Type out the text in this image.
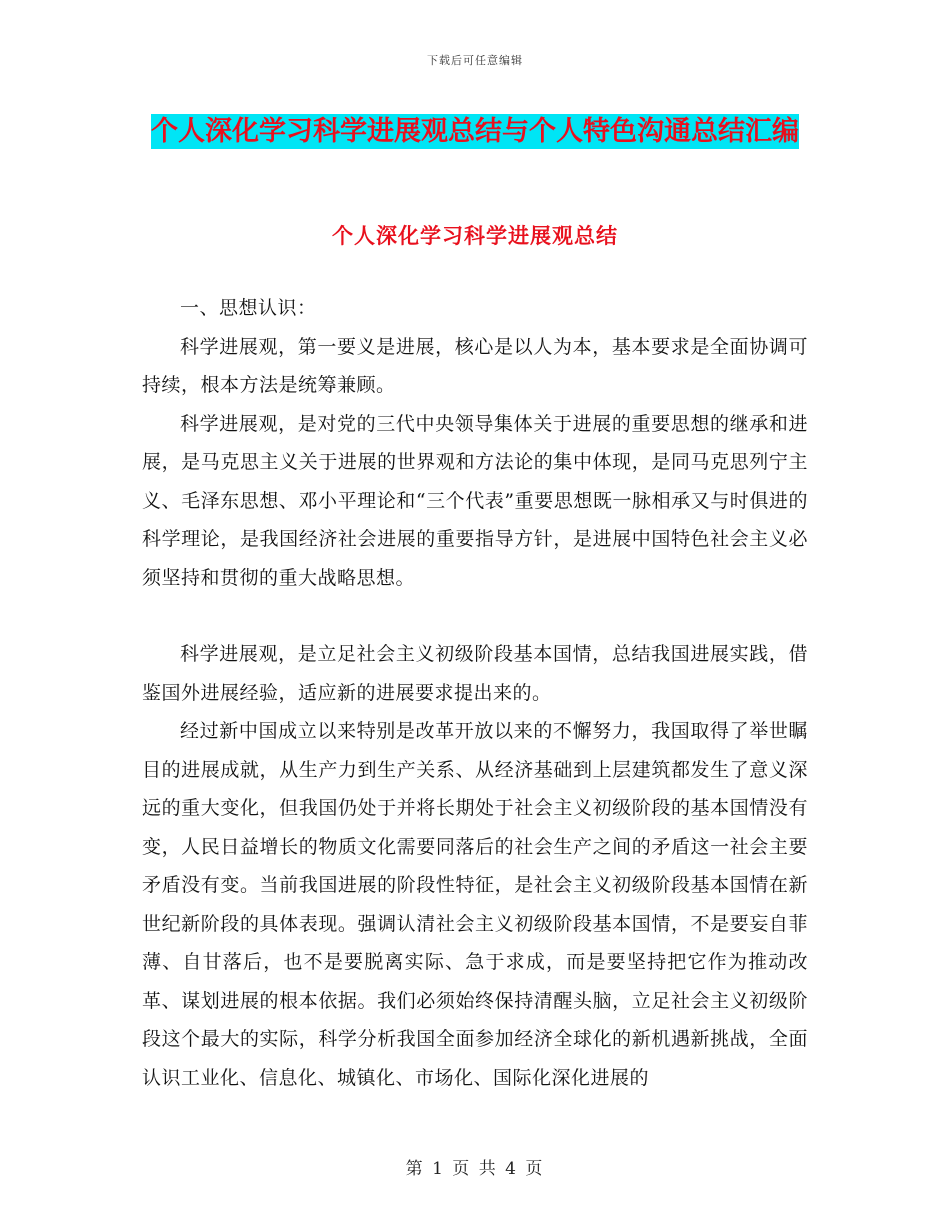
下载后可任意编辑
个人深化学习科学进展观总结与个人特色沟通总结汇编
个人深化学习科学进展观总结

一、思想认识：

科学进展观，第一要义是进展，核心是以人为本，基本要求是全面协调可持续，根本方法是统筹兼顾。

科学进展观，是对党的三代中央领导集体关于进展的重要思想的继承和进展，是马克思主义关于进展的世界观和方法论的集中体现，是同马克思列宁主义、毛泽东思想、邓小平理论和“三个代表”重要思想既一脉相承又与时俱进的科学理论，是我国经济社会进展的重要指导方针，是进展中国特色社会主义必须坚持和贯彻的重大战略思想。

科学进展观，是立足社会主义初级阶段基本国情，总结我国进展实践，借鉴国外进展经验，适应新的进展要求提出来的。

经过新中国成立以来特别是改革开放以来的不懈努力，我国取得了举世瞩目的进展成就，从生产力到生产关系、从经济基础到上层建筑都发生了意义深远的重大变化，但我国仍处于并将长期处于社会主义初级阶段的基本国情没有变，人民日益增长的物质文化需要同落后的社会生产之间的矛盾这一社会主要矛盾没有变。当前我国进展的阶段性特征，是社会主义初级阶段基本国情在新世纪新阶段的具体表现。强调认清社会主义初级阶段基本国情，不是要妄自菲薄、自甘落后，也不是要脱离实际、急于求成，而是要坚持把它作为推动改革、谋划进展的根本依据。我们必须始终保持清醒头脑，立足社会主义初级阶段这个最大的实际，科学分析我国全面参加经济全球化的新机遇新挑战，全面认识工业化、信息化、城镇化、市场化、国际化深化进展的

第 1 页 共 4 页
